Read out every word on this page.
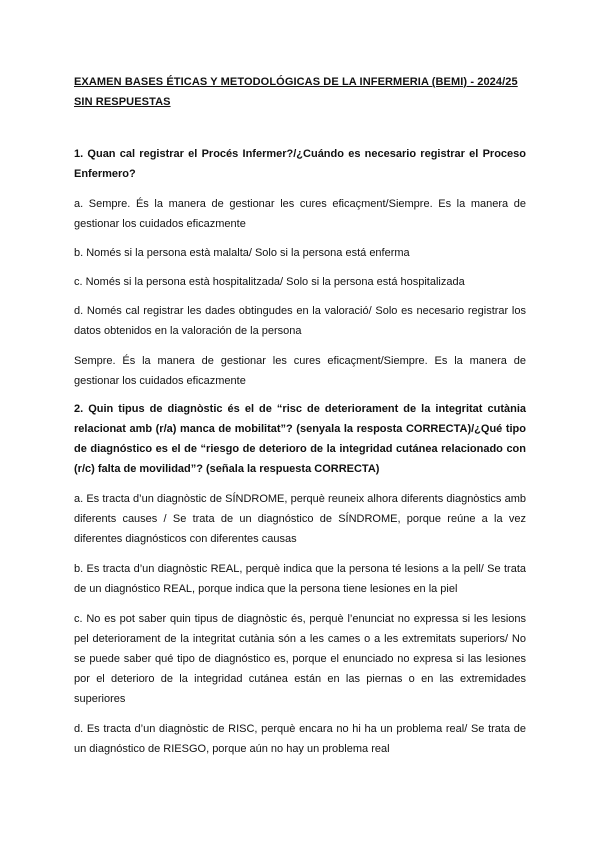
EXAMEN BASES ÉTICAS Y METODOLÓGICAS DE LA INFERMERIA (BEMI) - 2024/25 SIN RESPUESTAS

1. Quan cal registrar el Procés Infermer?/¿Cuándo es necesario registrar el Proceso Enfermero?

a. Sempre. És la manera de gestionar les cures eficaçment/Siempre. Es la manera de gestionar los cuidados eficazmente

b. Només si la persona està malalta/ Solo si la persona está enferma

c. Només si la persona està hospitalitzada/ Solo si la persona está hospitalizada

d. Només cal registrar les dades obtingudes en la valoració/ Solo es necesario registrar los datos obtenidos en la valoración de la persona

Sempre. És la manera de gestionar les cures eficaçment/Siempre. Es la manera de gestionar los cuidados eficazmente

2. Quin tipus de diagnòstic és el de “risc de deteriorament de la integritat cutània relacionat amb (r/a) manca de mobilitat”? (senyala la resposta CORRECTA)/¿Qué tipo de diagnóstico es el de “riesgo de deterioro de la integridad cutánea relacionado con (r/c) falta de movilidad”? (señala la respuesta CORRECTA)

a. Es tracta d’un diagnòstic de SÍNDROME, perquè reuneix alhora diferents diagnòstics amb diferents causes / Se trata de un diagnóstico de SÍNDROME, porque reúne a la vez diferentes diagnósticos con diferentes causas

b. Es tracta d’un diagnòstic REAL, perquè indica que la persona té lesions a la pell/ Se trata de un diagnóstico REAL, porque indica que la persona tiene lesiones en la piel

c. No es pot saber quin tipus de diagnòstic és, perquè l’enunciat no expressa si les lesions pel deteriorament de la integritat cutània són a les cames o a les extremitats superiors/ No se puede saber qué tipo de diagnóstico es, porque el enunciado no expresa si las lesiones por el deterioro de la integridad cutánea están en las piernas o en las extremidades superiores

d. Es tracta d’un diagnòstic de RISC, perquè encara no hi ha un problema real/ Se trata de un diagnóstico de RIESGO, porque aún no hay un problema real
